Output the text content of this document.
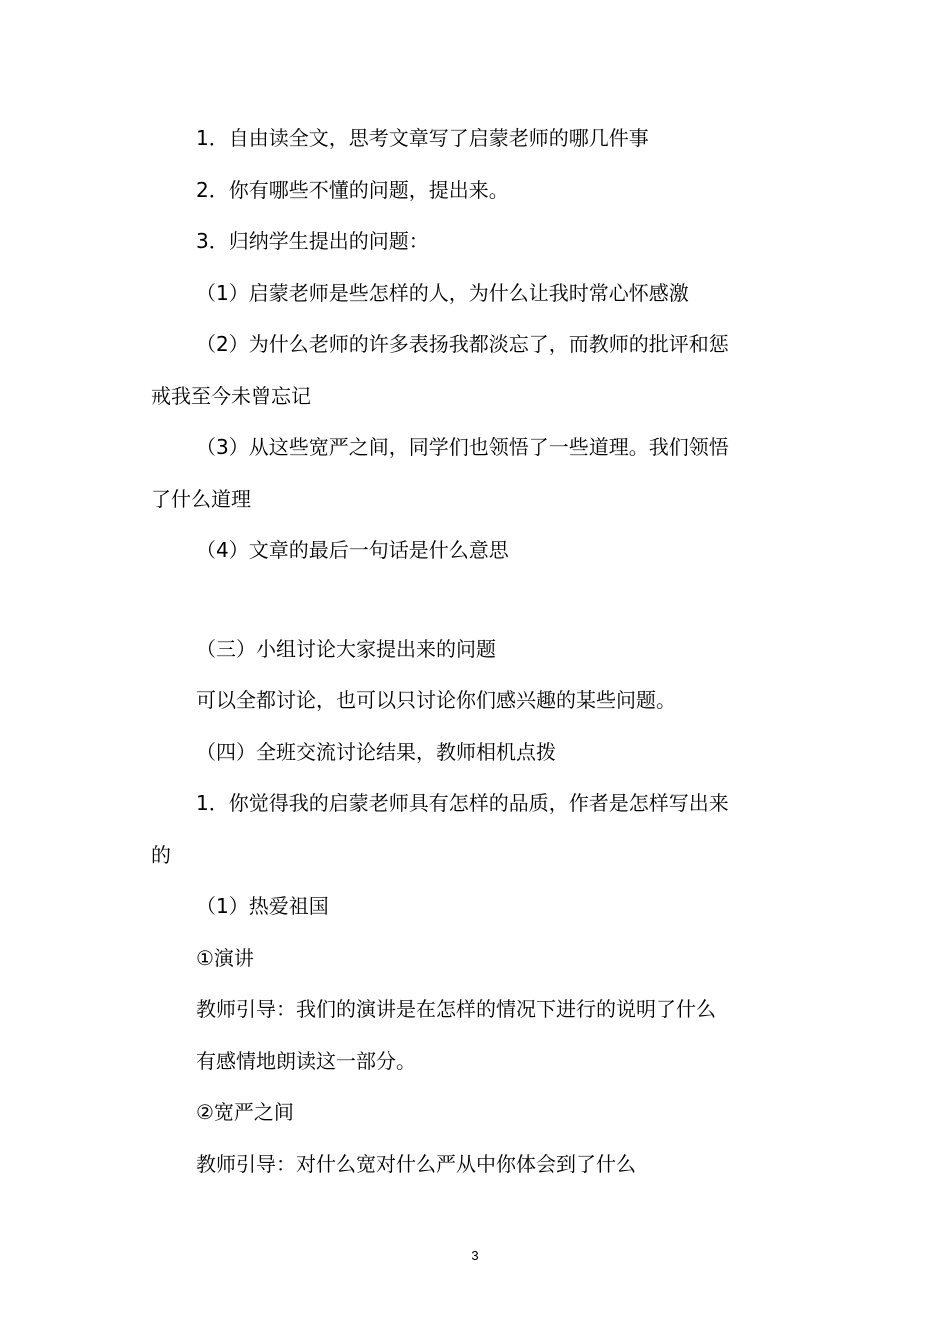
1．自由读全文，思考文章写了启蒙老师的哪几件事
2．你有哪些不懂的问题，提出来。
3．归纳学生提出的问题：
（1）启蒙老师是些怎样的人，为什么让我时常心怀感激
（2）为什么老师的许多表扬我都淡忘了，而教师的批评和惩
戒我至今未曾忘记
（3）从这些宽严之间，同学们也领悟了一些道理。我们领悟
了什么道理
（4）文章的最后一句话是什么意思
（三）小组讨论大家提出来的问题
可以全都讨论，也可以只讨论你们感兴趣的某些问题。
（四）全班交流讨论结果，教师相机点拨
1．你觉得我的启蒙老师具有怎样的品质，作者是怎样写出来
的
（1）热爱祖国
①演讲
教师引导：我们的演讲是在怎样的情况下进行的说明了什么
有感情地朗读这一部分。
②宽严之间
教师引导：对什么宽对什么严从中你体会到了什么
3
